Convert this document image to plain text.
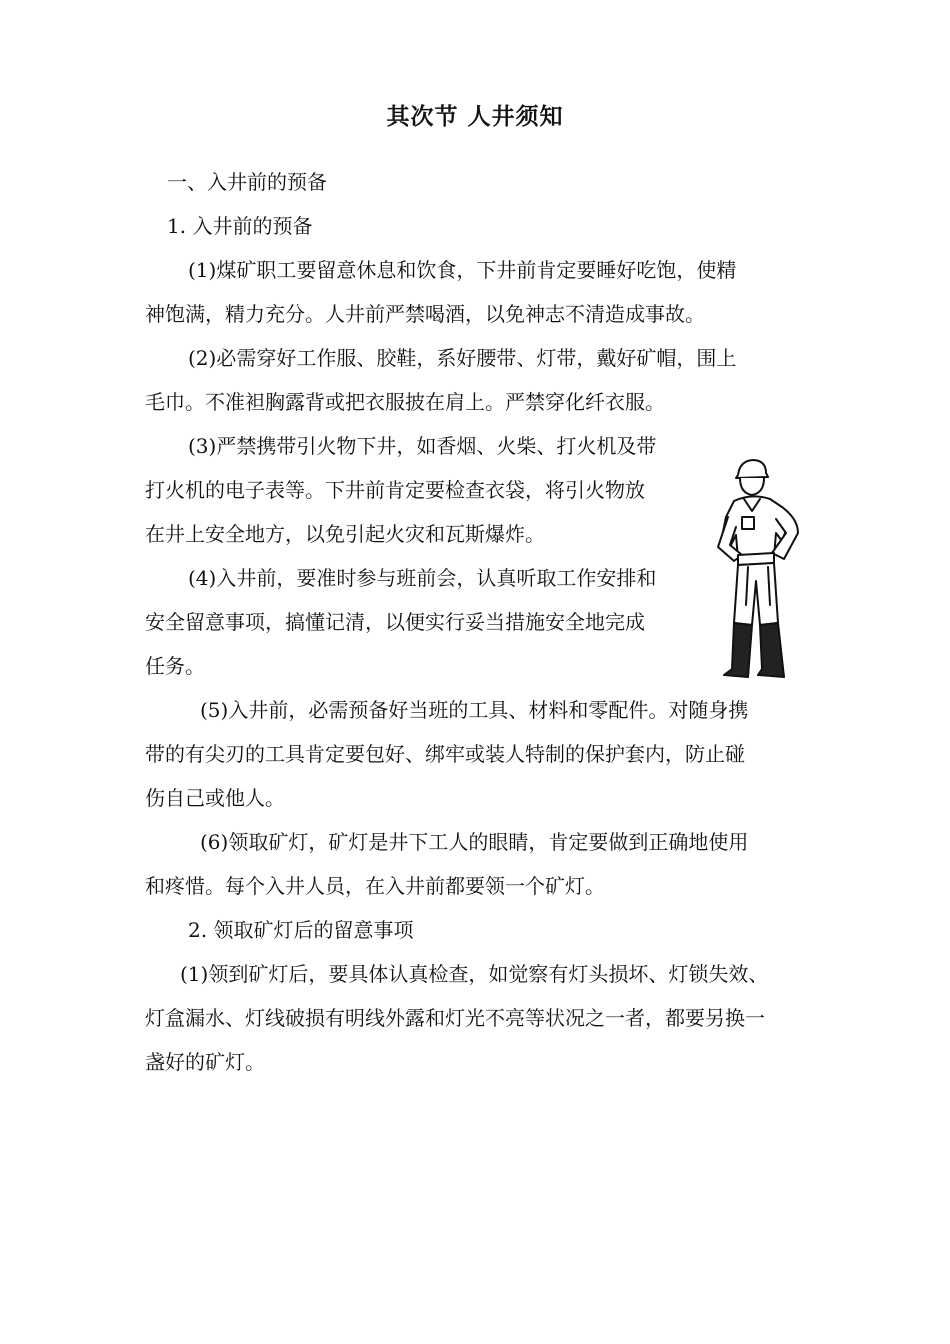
其次节 人井须知
一、入井前的预备
1. 入井前的预备
(1)煤矿职工要留意休息和饮食，下井前肯定要睡好吃饱，使精
神饱满，精力充分。人井前严禁喝酒，以免神志不清造成事故。
(2)必需穿好工作服、胶鞋，系好腰带、灯带，戴好矿帽，围上
毛巾。不准袒胸露背或把衣服披在肩上。严禁穿化纤衣服。
(3)严禁携带引火物下井，如香烟、火柴、打火机及带
打火机的电子表等。下井前肯定要检查衣袋，将引火物放
在井上安全地方，以免引起火灾和瓦斯爆炸。
(4)入井前，要准时参与班前会，认真听取工作安排和
安全留意事项，搞懂记清，以便实行妥当措施安全地完成
任务。
(5)入井前，必需预备好当班的工具、材料和零配件。对随身携
带的有尖刃的工具肯定要包好、绑牢或装人特制的保护套内，防止碰
伤自己或他人。
(6)领取矿灯，矿灯是井下工人的眼睛，肯定要做到正确地使用
和疼惜。每个入井人员，在入井前都要领一个矿灯。
2. 领取矿灯后的留意事项
(1)领到矿灯后，要具体认真检查，如觉察有灯头损坏、灯锁失效、
灯盒漏水、灯线破损有明线外露和灯光不亮等状况之一者，都要另换一
盏好的矿灯。
